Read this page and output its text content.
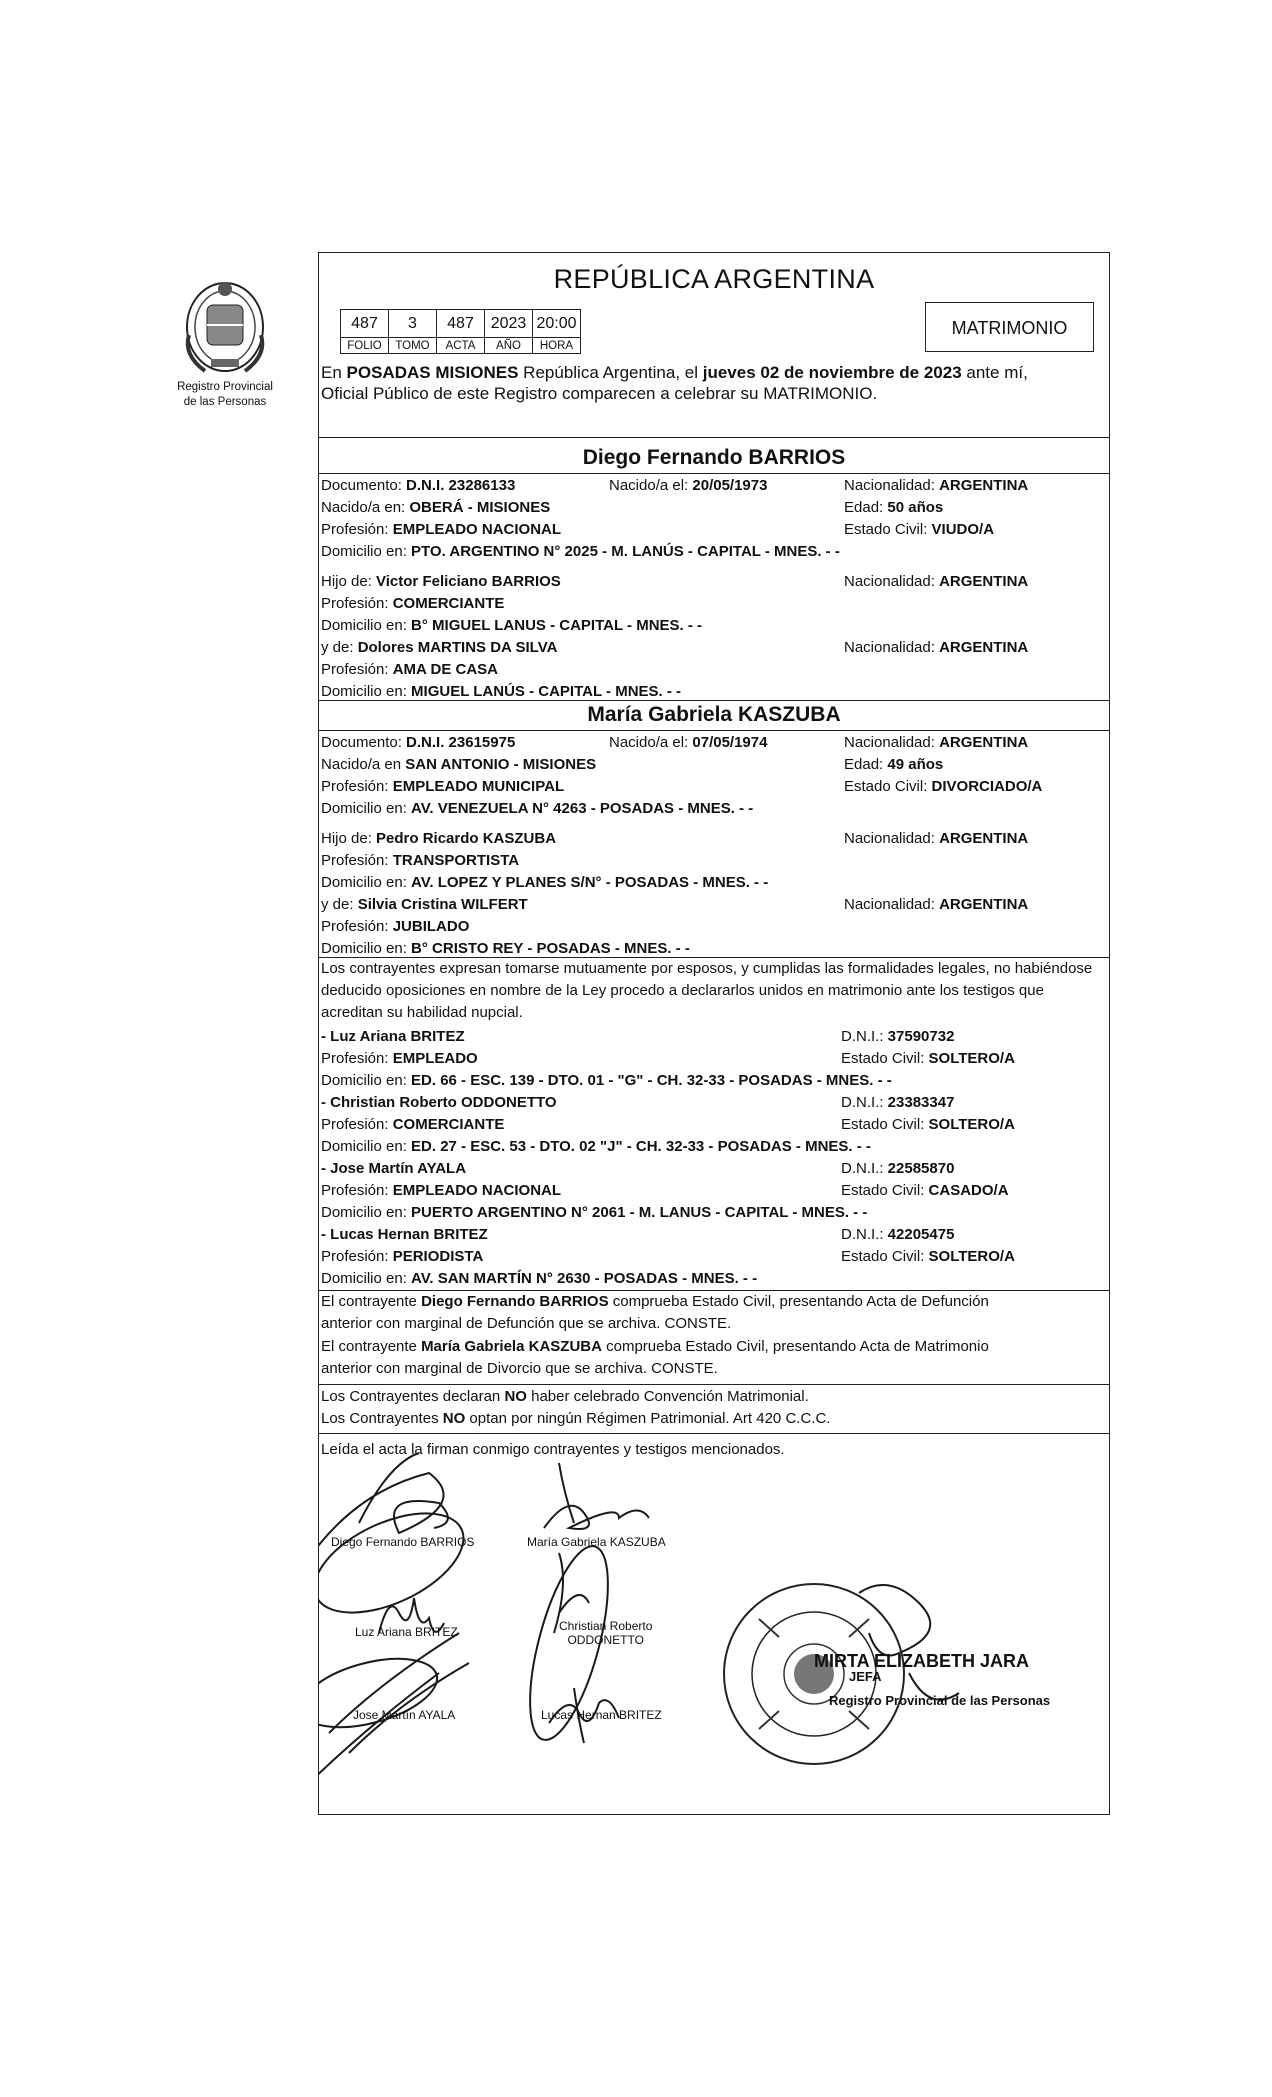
Registro Provincial
de las Personas
REPÚBLICA ARGENTINA
487	3	487	2023	20:00
FOLIO	TOMO	ACTA	AÑO	HORA
MATRIMONIO
En POSADAS MISIONES República Argentina, el jueves 02 de noviembre de 2023 ante mí,
Oficial Público de este Registro comparecen a celebrar su MATRIMONIO.
Diego Fernando BARRIOS
Documento: D.N.I. 23286133	Nacido/a el: 20/05/1973	Nacionalidad: ARGENTINA
Nacido/a en: OBERÁ - MISIONES	Edad: 50 años
Profesión: EMPLEADO NACIONAL	Estado Civil: VIUDO/A
Domicilio en: PTO. ARGENTINO N° 2025 - M. LANÚS - CAPITAL - MNES. - -
Hijo de: Victor Feliciano BARRIOS	Nacionalidad: ARGENTINA
Profesión: COMERCIANTE
Domicilio en: B° MIGUEL LANUS - CAPITAL - MNES. - -
y de: Dolores MARTINS DA SILVA	Nacionalidad: ARGENTINA
Profesión: AMA DE CASA
Domicilio en: MIGUEL LANÚS - CAPITAL - MNES. - -
María Gabriela KASZUBA
Documento: D.N.I. 23615975	Nacido/a el: 07/05/1974	Nacionalidad: ARGENTINA
Nacido/a en SAN ANTONIO - MISIONES	Edad: 49 años
Profesión: EMPLEADO MUNICIPAL	Estado Civil: DIVORCIADO/A
Domicilio en: AV. VENEZUELA N° 4263 - POSADAS - MNES. - -
Hijo de: Pedro Ricardo KASZUBA	Nacionalidad: ARGENTINA
Profesión: TRANSPORTISTA
Domicilio en: AV. LOPEZ Y PLANES S/N° - POSADAS - MNES. - -
y de: Silvia Cristina WILFERT	Nacionalidad: ARGENTINA
Profesión: JUBILADO
Domicilio en: B° CRISTO REY - POSADAS - MNES. - -
Los contrayentes expresan tomarse mutuamente por esposos, y cumplidas las formalidades legales, no habiéndose deducido oposiciones en nombre de la Ley procedo a declararlos unidos en matrimonio ante los testigos que acreditan su habilidad nupcial.
- Luz Ariana BRITEZ	D.N.I.: 37590732
Profesión: EMPLEADO	Estado Civil: SOLTERO/A
Domicilio en: ED. 66 - ESC. 139 - DTO. 01 - "G" - CH. 32-33 - POSADAS - MNES. - -
- Christian Roberto ODDONETTO	D.N.I.: 23383347
Profesión: COMERCIANTE	Estado Civil: SOLTERO/A
Domicilio en: ED. 27 - ESC. 53 - DTO. 02 "J" - CH. 32-33 - POSADAS - MNES. - -
- Jose Martín AYALA	D.N.I.: 22585870
Profesión: EMPLEADO NACIONAL	Estado Civil: CASADO/A
Domicilio en: PUERTO ARGENTINO N° 2061 - M. LANUS - CAPITAL - MNES. - -
- Lucas Hernan BRITEZ	D.N.I.: 42205475
Profesión: PERIODISTA	Estado Civil: SOLTERO/A
Domicilio en: AV. SAN MARTÍN N° 2630 - POSADAS - MNES. - -
El contrayente Diego Fernando BARRIOS comprueba Estado Civil, presentando Acta de Defunción
anterior con marginal de Defunción que se archiva. CONSTE.
El contrayente María Gabriela KASZUBA comprueba Estado Civil, presentando Acta de Matrimonio
anterior con marginal de Divorcio que se archiva. CONSTE.
Los Contrayentes declaran NO haber celebrado Convención Matrimonial.
Los Contrayentes NO optan por ningún Régimen Patrimonial. Art 420 C.C.C.
Leída el acta la firman conmigo contrayentes y testigos mencionados.
Diego Fernando BARRIOS	María Gabriela KASZUBA
Luz Ariana BRITEZ	Christian Roberto
ODDONETTO
Jose Martín AYALA	Lucas Hernan BRITEZ
MIRTA ELIZABETH JARA
JEFA
Registro Provincial de las Personas
